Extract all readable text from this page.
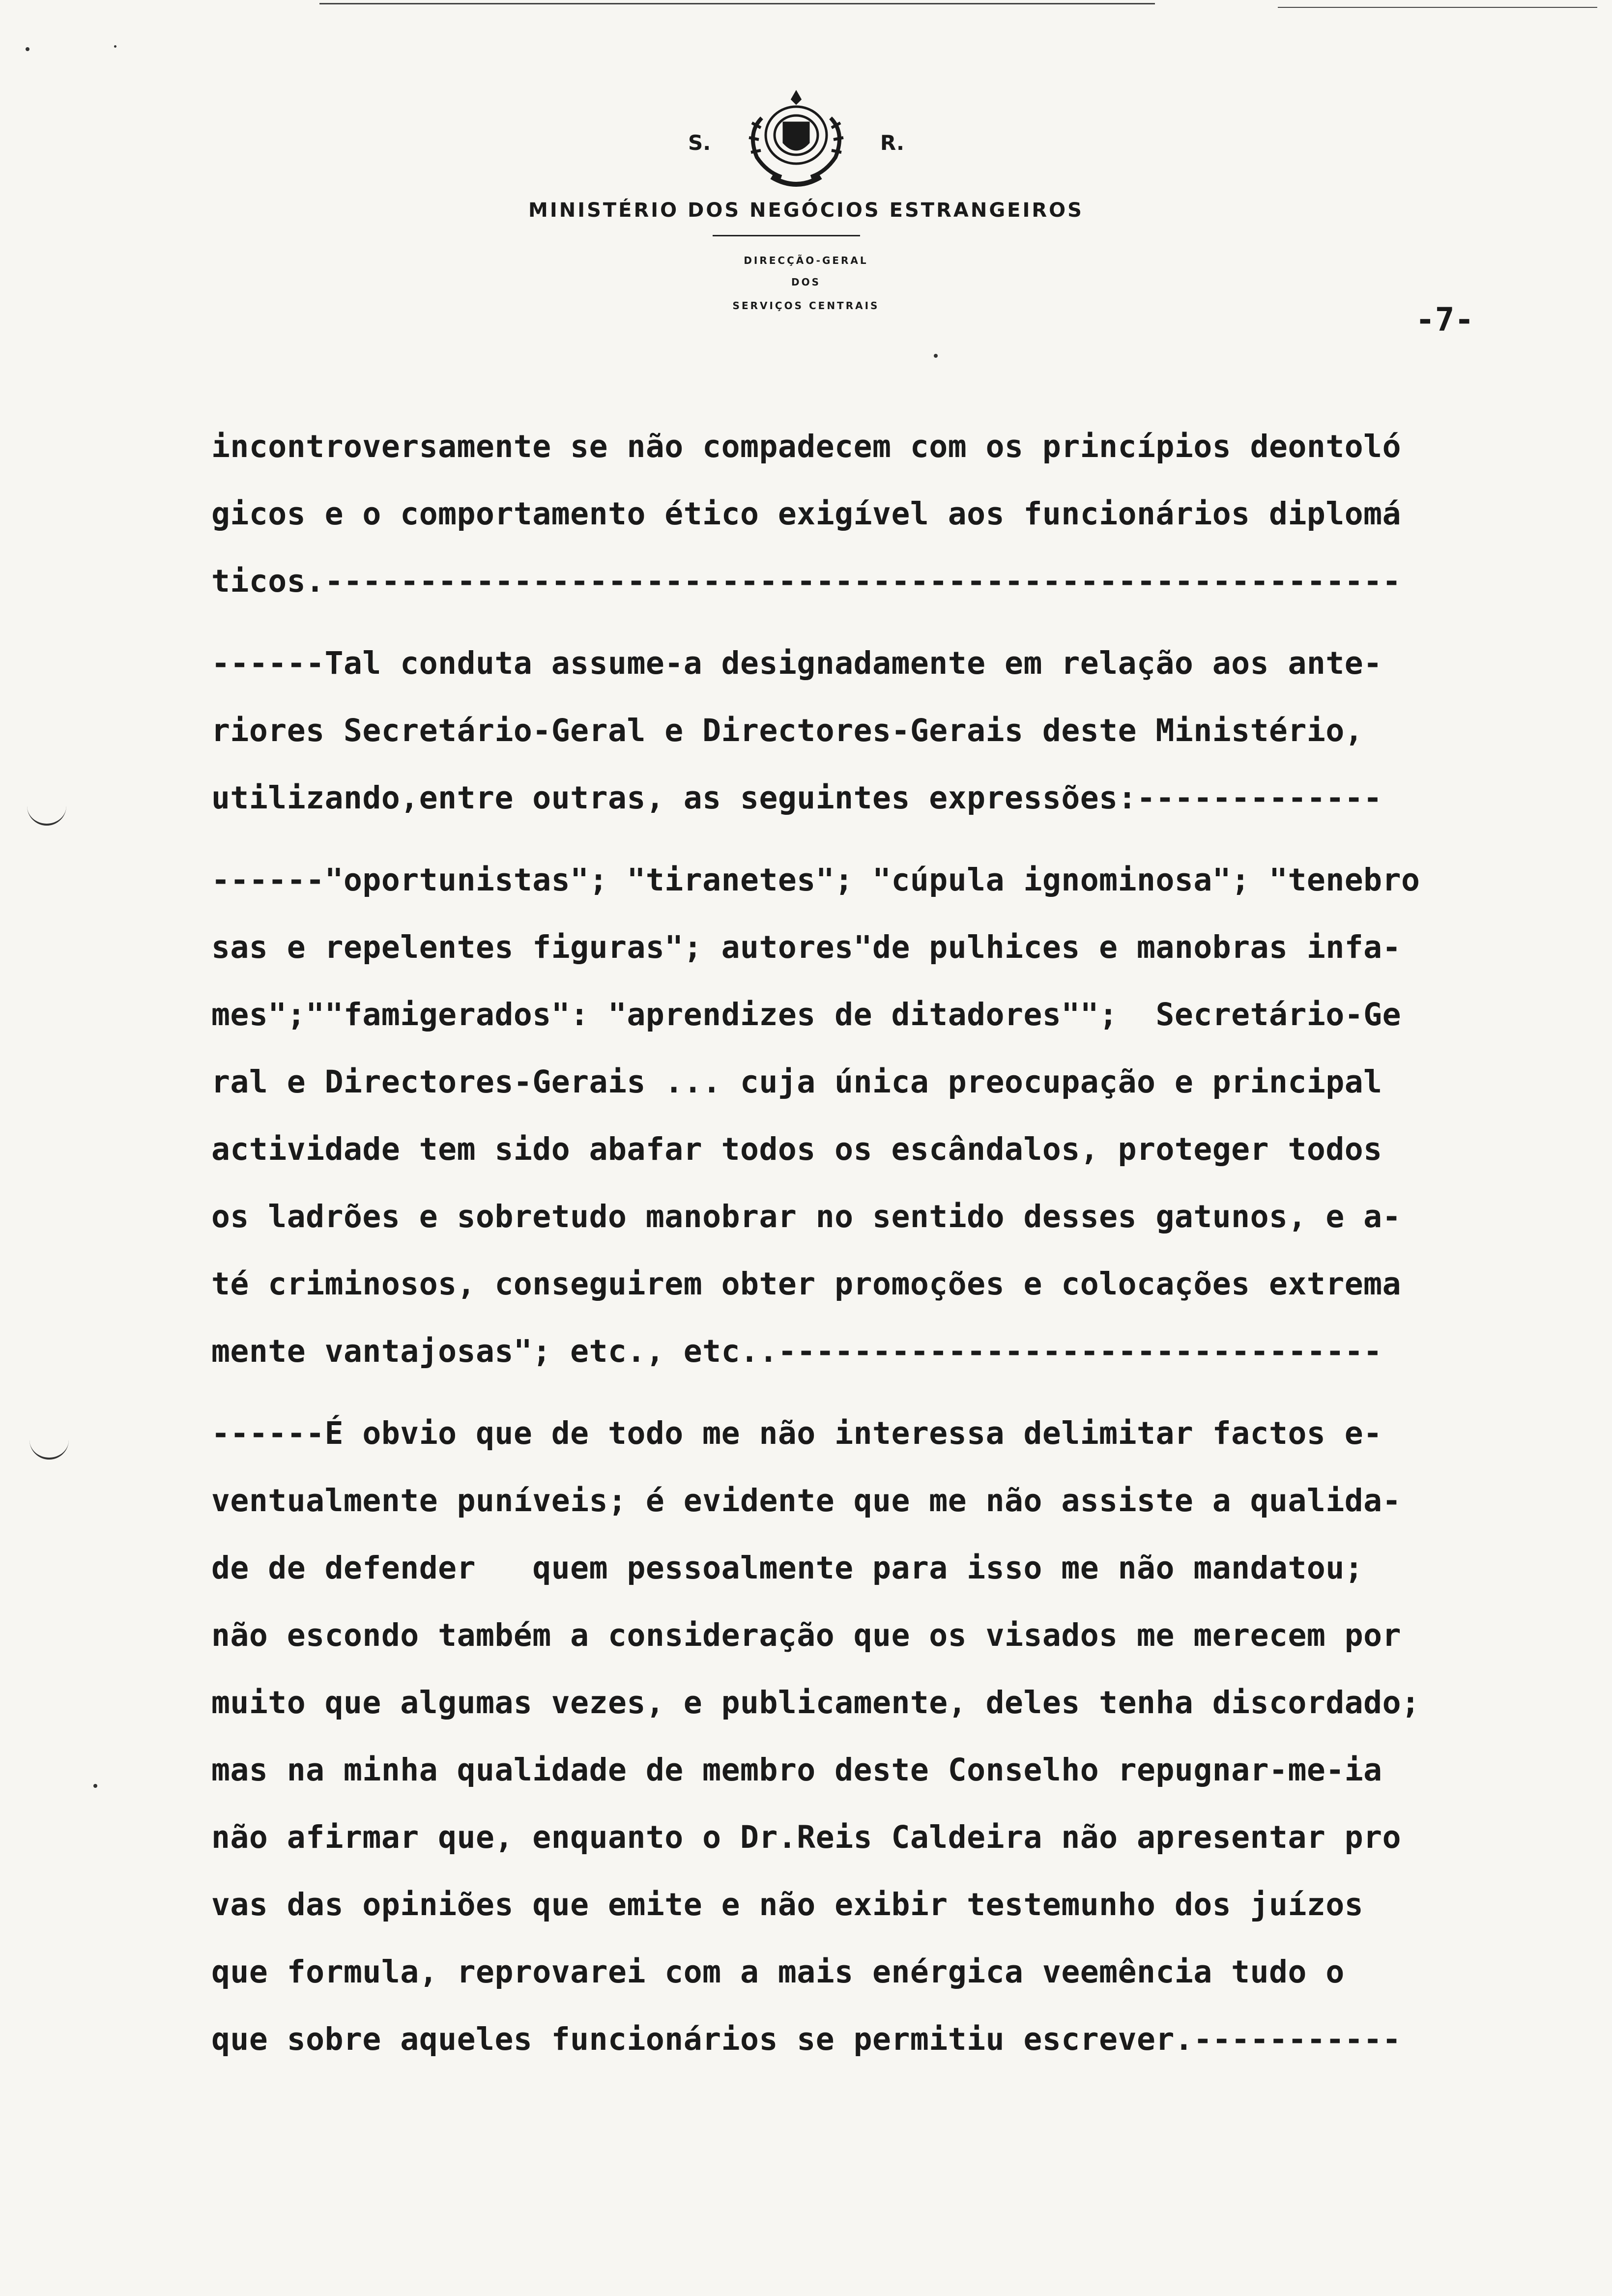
S.	R.
MINISTÉRIO DOS NEGÓCIOS ESTRANGEIROS
DIRECÇÃO-GERAL
DOS
SERVIÇOS CENTRAIS	-7-
incontroversamente se não compadecem com os princípios deontoló
gicos e o comportamento ético exigível aos funcionários diplomá
ticos.---------------------------------------------------------
------Tal conduta assume-a designadamente em relação aos ante-
riores Secretário-Geral e Directores-Gerais deste Ministério,
utilizando,entre outras, as seguintes expressões:-------------
------"oportunistas"; "tiranetes"; "cúpula ignominosa"; "tenebro
sas e repelentes figuras"; autores"de pulhices e manobras infa-
mes";""famigerados": "aprendizes de ditadores"";  Secretário-Ge
ral e Directores-Gerais ... cuja única preocupação e principal
actividade tem sido abafar todos os escândalos, proteger todos
os ladrões e sobretudo manobrar no sentido desses gatunos, e a-
té criminosos, conseguirem obter promoções e colocações extrema
mente vantajosas"; etc., etc..--------------------------------
------É obvio que de todo me não interessa delimitar factos e-
ventualmente puníveis; é evidente que me não assiste a qualida-
de de defender   quem pessoalmente para isso me não mandatou;
não escondo também a consideração que os visados me merecem por
muito que algumas vezes, e publicamente, deles tenha discordado;
mas na minha qualidade de membro deste Conselho repugnar-me-ia
não afirmar que, enquanto o Dr.Reis Caldeira não apresentar pro
vas das opiniões que emite e não exibir testemunho dos juízos
que formula, reprovarei com a mais enérgica veemência tudo o
que sobre aqueles funcionários se permitiu escrever.-----------
